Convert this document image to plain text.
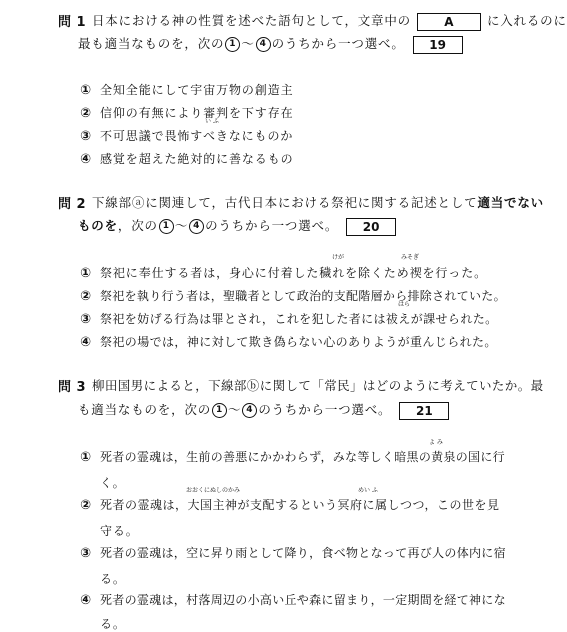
問 1 日本における神の性質を述べた語句として，文章中の	A	に入れるのに
最も適当なものを，次の 1 ～ 4 のうちから一つ選べ。 19
① 全知全能にして宇宙万物の創造主
② 信仰の有無により審判を下す存在
③ 不可思議で畏怖すべきなにものか
④ 感覚を超えた絶対的に善なるもの
い ふ
問 2 下線部ⓐに関連して，古代日本における祭祀に関する記述として適当でない
ものを，次の 1 ～ 4 のうちから一つ選べ。 20
けが	みそぎ
① 祭祀に奉仕する者は，身心に付着した穢れを除くため禊を行った。
② 祭祀を執り行う者は，聖職者として政治的支配階層から排除されていた。
③ 祭祀を妨げる行為は罪とされ，これを犯した者には祓えが課せられた。
④ 祭祀の場では，神に対して欺き偽らない心のありようが重んじられた。
はら
問 3 柳田国男によると，下線部ⓑに関して「常民」はどのように考えていたか。最
も適当なものを，次の 1 ～ 4 のうちから一つ選べ。 21
よ み
① 死者の霊魂は，生前の善悪にかかわらず，みな等しく暗黒の黄泉の国に行
く。
おおくにぬしのかみ	めい ふ
② 死者の霊魂は，大国主神が支配するという冥府に属しつつ，この世を見
守る。
③ 死者の霊魂は，空に昇り雨として降り，食べ物となって再び人の体内に宿
る。
④ 死者の霊魂は，村落周辺の小高い丘や森に留まり，一定期間を経て神にな
る。
